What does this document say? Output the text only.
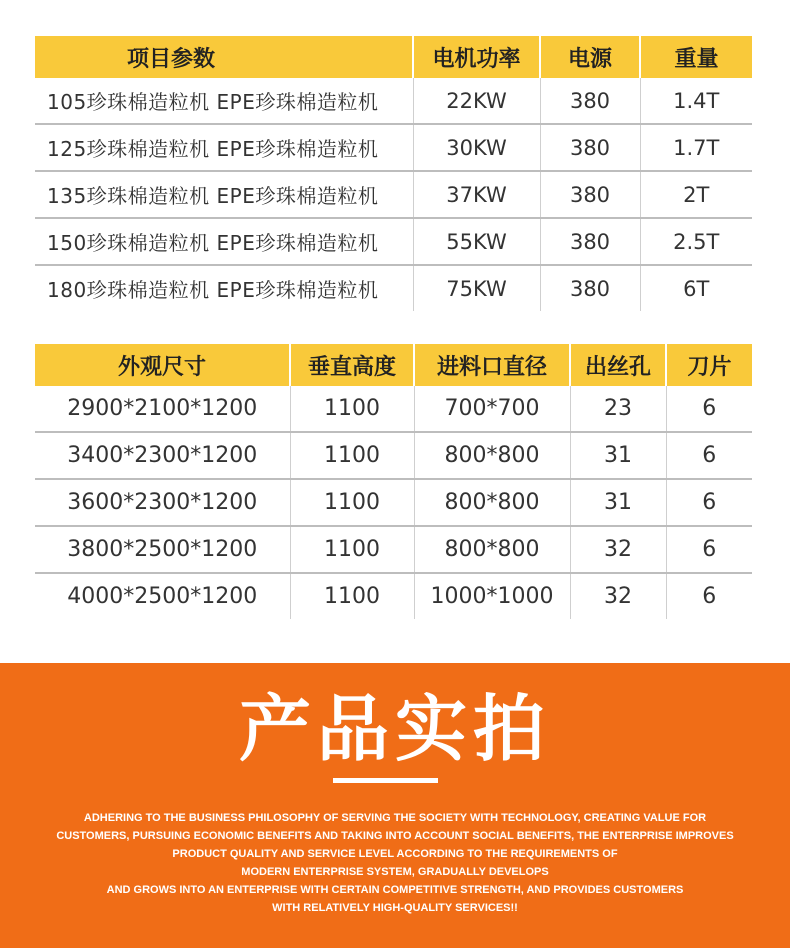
项目参数	电机功率	电源	重量
105珍珠棉造粒机 EPE珍珠棉造粒机	22KW	380	1.4T
125珍珠棉造粒机 EPE珍珠棉造粒机	30KW	380	1.7T
135珍珠棉造粒机 EPE珍珠棉造粒机	37KW	380	2T
150珍珠棉造粒机 EPE珍珠棉造粒机	55KW	380	2.5T
180珍珠棉造粒机 EPE珍珠棉造粒机	75KW	380	6T
外观尺寸	垂直高度	进料口直径	出丝孔	刀片
2900*2100*1200	1100	700*700	23	6
3400*2300*1200	1100	800*800	31	6
3600*2300*1200	1100	800*800	31	6
3800*2500*1200	1100	800*800	32	6
4000*2500*1200	1100	1000*1000	32	6
产品实拍
ADHERING TO THE BUSINESS PHILOSOPHY OF SERVING THE SOCIETY WITH TECHNOLOGY, CREATING VALUE FOR
CUSTOMERS, PURSUING ECONOMIC BENEFITS AND TAKING INTO ACCOUNT SOCIAL BENEFITS, THE ENTERPRISE IMPROVES
PRODUCT QUALITY AND SERVICE LEVEL ACCORDING TO THE REQUIREMENTS OF
MODERN ENTERPRISE SYSTEM, GRADUALLY DEVELOPS
AND GROWS INTO AN ENTERPRISE WITH CERTAIN COMPETITIVE STRENGTH, AND PROVIDES CUSTOMERS
WITH RELATIVELY HIGH-QUALITY SERVICES!!
